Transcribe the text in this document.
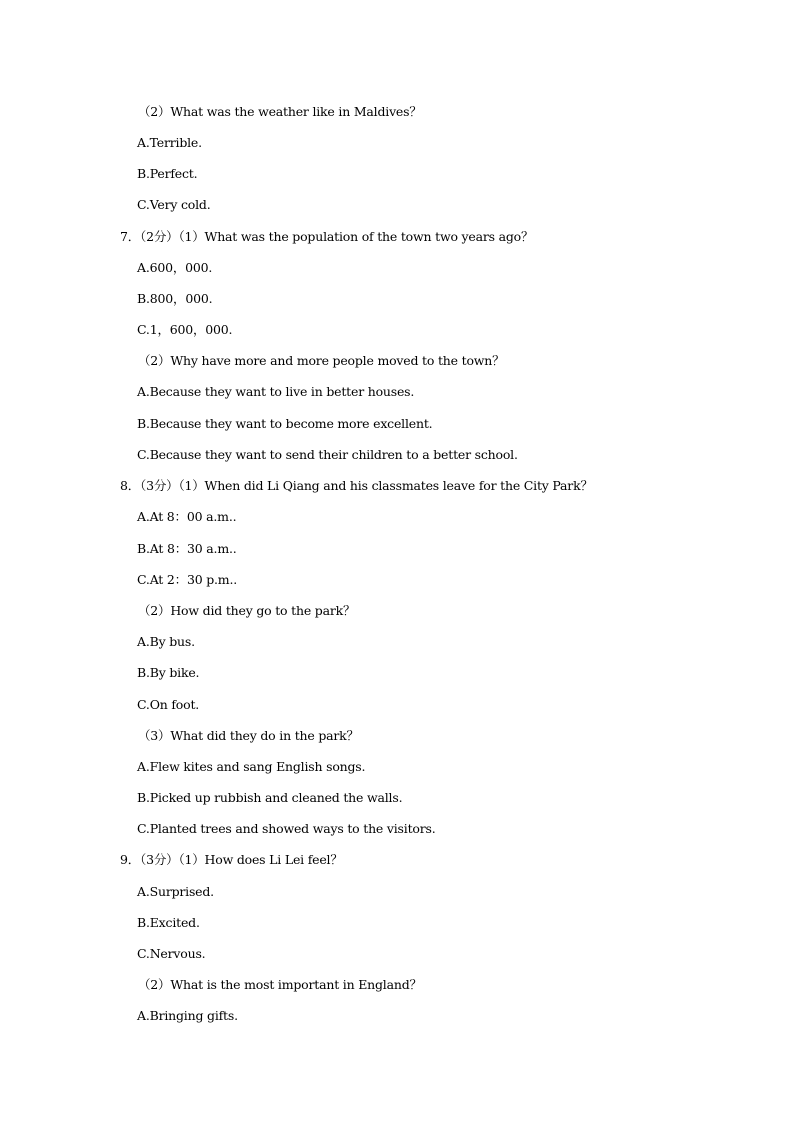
（2）What was the weather like in Maldives？
A.Terrible.
B.Perfect.
C.Very cold.
7．（2分）（1）What was the population of the town two years ago？
A.600，000.
B.800，000.
C.1，600，000.
（2）Why have more and more people moved to the town？
A.Because they want to live in better houses.
B.Because they want to become more excellent.
C.Because they want to send their children to a better school.
8．（3分）（1）When did Li Qiang and his classmates leave for the City Park？
A.At 8：00 a.m..
B.At 8：30 a.m..
C.At 2：30 p.m..
（2）How did they go to the park？
A.By bus.
B.By bike.
C.On foot.
（3）What did they do in the park？
A.Flew kites and sang English songs.
B.Picked up rubbish and cleaned the walls.
C.Planted trees and showed ways to the visitors.
9．（3分）（1）How does Li Lei feel？
A.Surprised.
B.Excited.
C.Nervous.
（2）What is the most important in England？
A.Bringing gifts.
